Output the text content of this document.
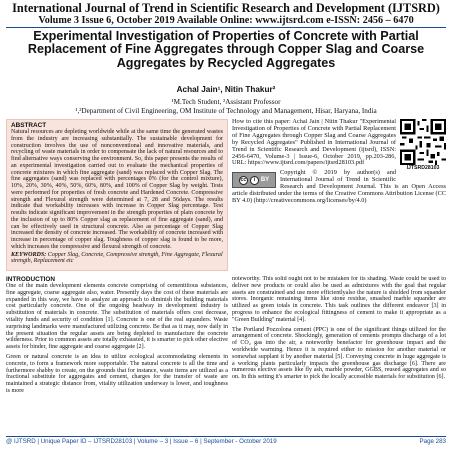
International Journal of Trend in Scientific Research and Development (IJTSRD)
Volume 3 Issue 6, October 2019 Available Online: www.ijtsrd.com e-ISSN: 2456 – 6470
Experimental Investigation of Properties of Concrete with Partial Replacement of Fine Aggregates through Copper Slag and Coarse Aggregates by Recycled Aggregates
Achal Jain¹, Nitin Thakur²
¹M.Tech Student, ²Assistant Professor
¹,²Department of Civil Engineering, OM Institute of Technology and Management, Hisar, Haryana, India
ABSTRACT
Natural resources are depleting worldwide while at the same time the generated wastes from the industry are increasing substantially. The sustainable development for construction involves the use of nonconventional and innovative materials, and recycling of waste materials in order to compensate the lack of natural resources and to find alternative ways conserving the environment. So, this paper presents the results of an experimental investigation carried out to evaluate the mechanical properties of concrete mixtures in which fine aggregate (sand) was replaced with Copper Slag. The fine aggregates (sand) was replaced with percentages 0% (for the control mixture), 10%, 20%, 30%, 40%, 50%, 60%, 80%, and 100% of Copper Slag by weight. Tests were performed for properties of fresh concrete and Hardened Concrete. Compressive strength and Flexural strength were determined at 7, 28 and 56days. The results indicate that workability increases with increase in Copper Slag percentage. Test results indicate significant improvement in the strength properties of plain concrete by the inclusion of up to 80% Copper slag as replacement of fine aggregate (sand), and can be effectively used in structural concrete. Also as percentage of Copper Slag increased the density of concrete increased. The workability of concrete increased with increase in percentage of copper slag. Toughness of copper slag is found to be more, which increases the compressive and flexural strength of concrete.
KEYWORDS: Copper Slag, Concrete, Compressive strength, Fine Aggregate, Flexural strength, Replacement etc
IJTSRD28103
How to cite this paper: Achal Jain | Nitin Thakur "Experimental Investigation of Properties of Concrete with Partial Replacement of Fine Aggregates through Copper Slag and Coarse Aggregates by Recycled Aggregates" Published in International Journal of Trend in Scientific Research and Development (ijtsrd), ISSN: 2456-6470, Volume-3 | Issue-6, October 2019, pp.203-286, URL: https://www.ijtsrd.com/papers/ijtsrd28103.pdf
cc	i BY
Copyright © 2019 by author(s) and International Journal of Trend in Scientific Research and Development Journal. This is an Open Access article distributed under the terms of the Creative Commons Attribution License (CC BY 4.0) (http://creativecommons.org/licenses/by/4.0)
INTRODUCTION

One of the main development elements concrete comprising of cementitious substances, fine aggregate, coarse aggregate also, water. Presently days the cost of these materials are expanded in this way, we have to analyze an approach to diminish the building materials cost particularly concrete. One of the ongoing headway in development industry is substitution of materials in concrete. The substitution of materials offers cost decrease, vitality funds and security of condition [1]. Concrete is one of the real squanders. Waste surprising landmarks were manufactured utilizing concrete. Be that as it may, now daily in the present situation the regular assets are being depleted to manufacture the concrete wilderness. Prior to common assets are totally exhausted, it is smarter to pick other elective assets for binder, fine aggregate and coarse aggregate [2].

Green or natural concrete is an idea to utilize ecological accommodating elements in concrete, to form a framework more supportable. The natural concrete is all the time and furthermore shabby to create, on the grounds that for instance, waste items are utilized as a fractional substitute for aggregates and cement, charges for the transfer of waste are maintained a strategic distance from, vitality utilization underway is lower, and toughness is more

noteworthy. This solid ought not to be mistaken for its shading. Waste could be used to deliver new products or could also be used as admixtures with the goal that regular assets are constrained and use more efficientlyalso the nature is shielded from squander stores. Inorganic remaining items like stone residue, smashed marble squander are utilized as green totals in concrete. This task outlines the different endeavor [3] in progress to enhance the ecological fittingness of cement to make it appropriate as a "Green Building" material [4].

The Portland Pozzolona cement (PPC) is one of the significant things utilized for the arrangement of concrete. Shockingly, generation of cements prompts discharge of a lot of CO₂ gas into the air, a noteworthy benefactor for greenhouse impact and the worldwide warming. Hence it is required either to mission for another material or somewhat supplant it by another material [5]. Conveying concrete in huge aggregate is a working plants particularly impacts the greenhouse gas discharge [6]. There are numerous elective assets like fly ash, marble powder, GGBS, reused aggregates and so on. In this setting it's smarter to pick the locally accessible materials for substitution [6].

@ IJTSRD | Unique Paper ID – IJTSRD28103 | Volume – 3 | Issue – 6 | September - October 2019	Page 283
